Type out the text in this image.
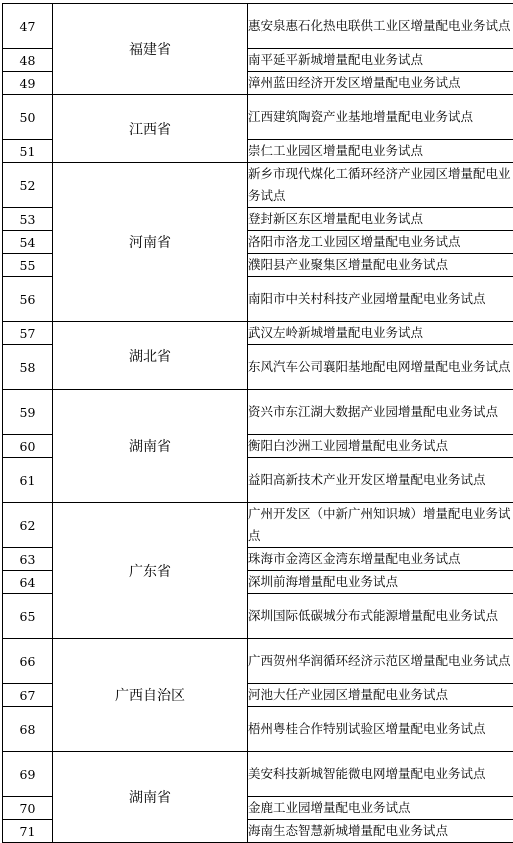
47	福建省	惠安泉惠石化热电联供工业区增量配电业务试点
48		南平延平新城增量配电业务试点
49		漳州蓝田经济开发区增量配电业务试点
50	江西省	江西建筑陶瓷产业基地增量配电业务试点
51		崇仁工业园区增量配电业务试点
52	河南省	新乡市现代煤化工循环经济产业园区增量配电业务试点
53		登封新区东区增量配电业务试点
54		洛阳市洛龙工业园区增量配电业务试点
55		濮阳县产业聚集区增量配电业务试点
56		南阳市中关村科技产业园增量配电业务试点
57	湖北省	武汉左岭新城增量配电业务试点
58		东风汽车公司襄阳基地配电网增量配电业务试点
59	湖南省	资兴市东江湖大数据产业园增量配电业务试点
60		衡阳白沙洲工业园增量配电业务试点
61		益阳高新技术产业开发区增量配电业务试点
62	广东省	广州开发区（中新广州知识城）增量配电业务试点
63		珠海市金湾区金湾东增量配电业务试点
64		深圳前海增量配电业务试点
65		深圳国际低碳城分布式能源增量配电业务试点
66	广西自治区	广西贺州华润循环经济示范区增量配电业务试点
67		河池大任产业园区增量配电业务试点
68		梧州粤桂合作特别试验区增量配电业务试点
69	湖南省	美安科技新城智能微电网增量配电业务试点
70		金鹿工业园增量配电业务试点
71		海南生态智慧新城增量配电业务试点
